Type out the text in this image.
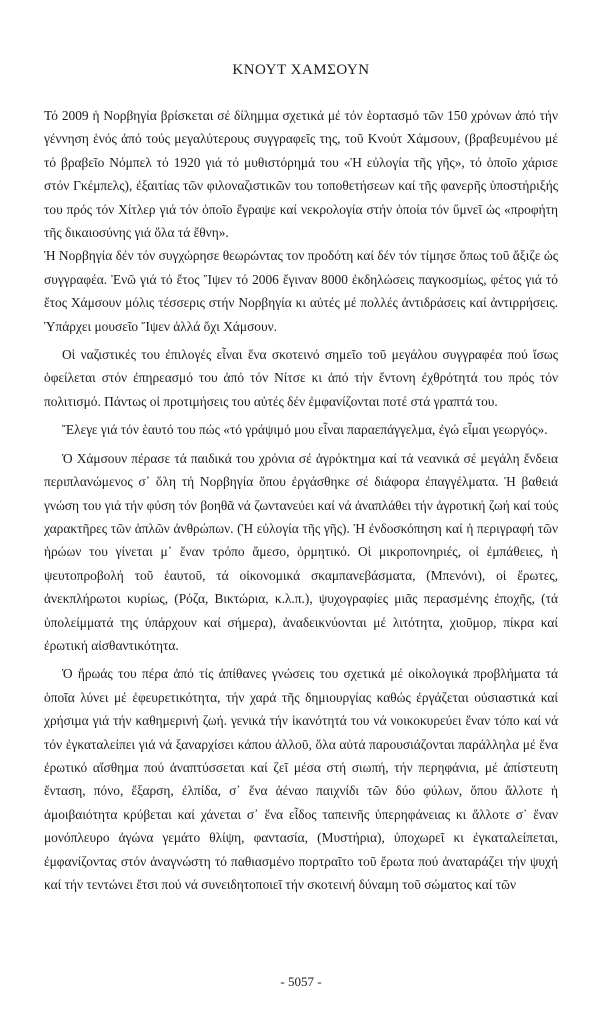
ΚΝΟΥΤ ΧΑΜΣΟΥΝ

Τό 2009 ἡ Νορβηγία βρίσκεται σέ δίλημμα σχετικά μέ τόν ἑορτασμό τῶν 150 χρόνων ἀπό τήν γέννηση ἑνός ἀπό τούς μεγαλύτερους συγγραφεῖς της, τοῦ Κνούτ Χάμσουν, (βραβευμένου μέ τό βραβεῖο Νόμπελ τό 1920 γιά τό μυθιστόρημά του «Ἡ εὐλογία τῆς γῆς», τό ὁποῖο χάρισε στόν Γκέμπελς), ἐξαιτίας τῶν φιλοναζιστικῶν του τοποθετήσεων καί τῆς φανερῆς ὑποστήριξής του πρός τόν Χίτλερ γιά τόν ὁποῖο ἔγραψε καί νεκρολογία στήν ὁποία τόν ὕμνεῖ ὡς «προφήτη τῆς δικαιοσύνης γιά ὅλα τά ἔθνη».

Ἡ Νορβηγία δέν τόν συγχώρησε θεωρώντας τον προδότη καί δέν τόν τίμησε ὅπως τοῦ ἄξιζε ὡς συγγραφέα. Ἐνῶ γιά τό ἔτος Ἴψεν τό 2006 ἔγιναν 8000 ἐκδηλώσεις παγκοσμίως, φέτος γιά τό ἔτος Χάμσουν μόλις τέσσερις στήν Νορβηγία κι αὐτές μέ πολλές ἀντιδράσεις καί ἀντιρρήσεις. Ὑπάρχει μουσεῖο Ἴψεν ἀλλά ὄχι Χάμσουν.

Οἱ ναζιστικές του ἐπιλογές εἶναι ἕνα σκοτεινό σημεῖο τοῦ μεγάλου συγγραφέα πού ἴσως ὀφείλεται στόν ἐπηρεασμό του ἀπό τόν Νίτσε κι ἀπό τήν ἔντονη ἐχθρότητά του πρός τόν πολιτισμό. Πάντως οἱ προτιμήσεις του αὐτές δέν ἐμφανίζονται ποτέ στά γραπτά του.

Ἔλεγε γιά τόν ἑαυτό του πώς «τό γράψιμό μου εἶναι παραεπάγγελμα, ἐγώ εἶμαι γεωργός».

Ὁ Χάμσουν πέρασε τά παιδικά του χρόνια σέ ἀγρόκτημα καί τά νεανικά σέ μεγάλη ἔνδεια περιπλανώμενος σ᾽ ὅλη τή Νορβηγία ὅπου ἐργάσθηκε σέ διάφορα ἐπαγγέλματα. Ἡ βαθειά γνώση του γιά τήν φύση τόν βοηθᾶ νά ζωντανεύει καί νά ἀναπλάθει τήν ἀγροτική ζωή καί τούς χαρακτῆρες τῶν ἁπλῶν ἀνθρώπων. (Ἡ εὐλογία τῆς γῆς). Ἡ ἐνδοσκόπηση καί ἡ περιγραφή τῶν ἡρώων του γίνεται μ᾽ ἕναν τρόπο ἄμεσο, ὁρμητικό. Οἱ μικροπονηριές, οἱ ἐμπάθειες, ἡ ψευτοπροβολή τοῦ ἑαυτοῦ, τά οἰκονομικά σκαμπανεβάσματα, (Μπενόνι), οἱ ἔρωτες, ἀνεκπλήρωτοι κυρίως, (Ρόζα, Βικτώρια, κ.λ.π.), ψυχογραφίες μιᾶς περασμένης ἐποχῆς, (τά ὑπολείμματά της ὑπάρχουν καί σήμερα), ἀναδεικνύονται μέ λιτότητα, χιοῦμορ, πίκρα καί ἐρωτική αἰσθαντικότητα.

Ὁ ἥρωάς του πέρα ἀπό τίς ἀπίθανες γνώσεις του σχετικά μέ οἰκολογικά προβλήματα τά ὁποῖα λύνει μέ ἐφευρετικότητα, τήν χαρά τῆς δημιουργίας καθώς ἐργάζεται οὐσιαστικά καί χρήσιμα γιά τήν καθημερινή ζωή. γενικά τήν ἱκανότητά του νά νοικοκυρεύει ἕναν τόπο καί νά τόν ἐγκαταλείπει γιά νά ξαναρχίσει κάπου ἀλλοῦ, ὅλα αὐτά παρουσιάζονται παράλληλα μέ ἕνα ἐρωτικό αἴσθημα πού ἀναπτύσσεται καί ζεῖ μέσα στή σιωπή, τήν περηφάνια, μέ ἀπίστευτη ἔνταση, πόνο, ἔξαρση, ἐλπίδα, σ᾽ ἕνα ἀέναο παιχνίδι τῶν δύο φύλων, ὅπου ἄλλοτε ἡ ἀμοιβαιότητα κρύβεται καί χάνεται σ᾽ ἕνα εἶδος ταπεινῆς ὑπερηφάνειας κι ἄλλοτε σ᾽ ἕναν μονόπλευρο ἀγώνα γεμάτο θλίψη, φαντασία, (Μυστήρια), ὑποχωρεῖ κι ἐγκαταλείπεται, ἐμφανίζοντας στόν ἀναγνώστη τό παθιασμένο πορτραῖτο τοῦ ἔρωτα πού ἀναταράζει τήν ψυχή καί τήν τεντώνει ἔτσι πού νά συνειδητοποιεῖ τήν σκοτεινή δύναμη τοῦ σώματος καί τῶν

- 5057 -
